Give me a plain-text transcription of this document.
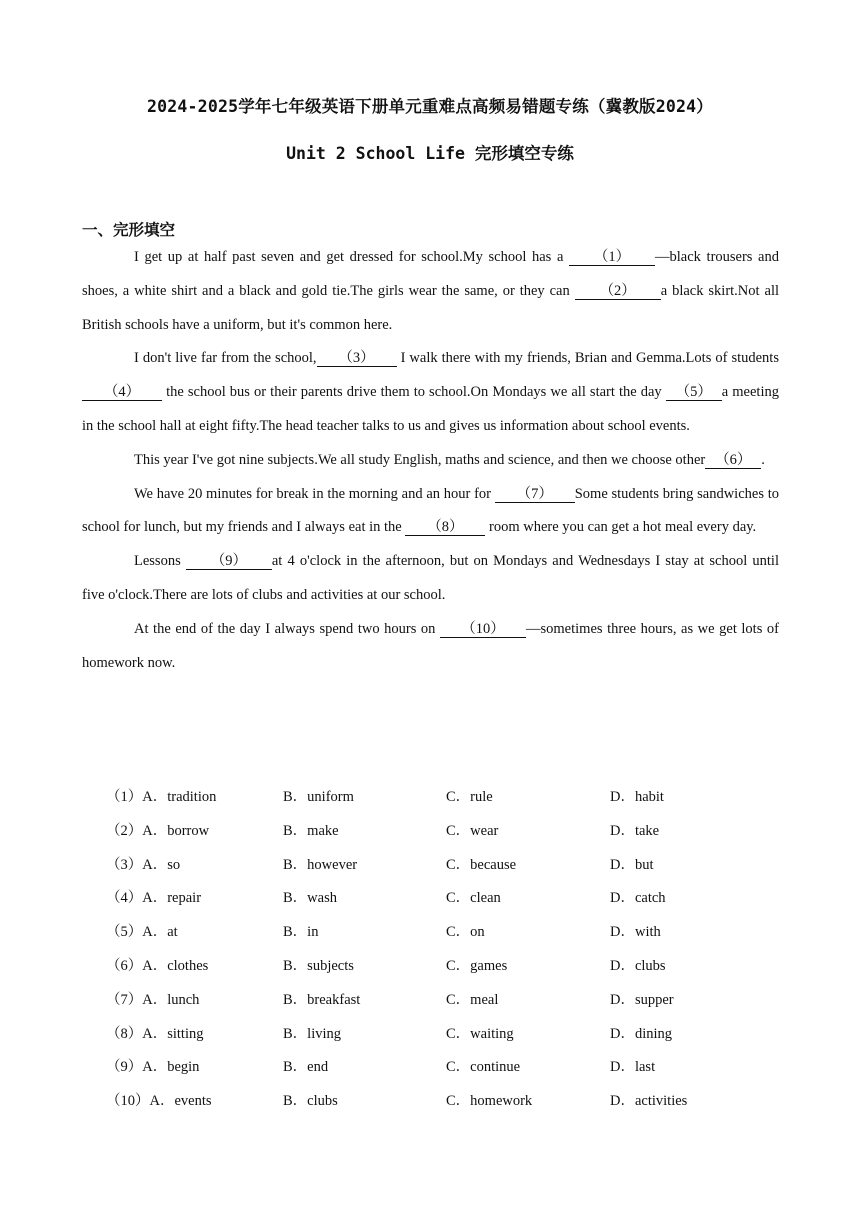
2024-2025学年七年级英语下册单元重难点高频易错题专练（冀教版2024）
Unit 2 School Life 完形填空专练
一、完形填空

I get up at half past seven and get dressed for school.My school has a （1） —black trousers and shoes, a white shirt and a black and gold tie.The girls wear the same, or they can （2） a black skirt.Not all British schools have a uniform, but it's common here.

I don't live far from the school, （3） I walk there with my friends, Brian and Gemma.Lots of students （4） the school bus or their parents drive them to school.On Mondays we all start the day （5） a meeting in the school hall at eight fifty.The head teacher talks to us and gives us information about school events.

This year I've got nine subjects.We all study English, maths and science, and then we choose other （6） .

We have 20 minutes for break in the morning and an hour for （7） Some students bring sandwiches to school for lunch, but my friends and I always eat in the （8） room where you can get a hot meal every day.

Lessons （9） at 4 o'clock in the afternoon, but on Mondays and Wednesdays I stay at school until five o'clock.There are lots of clubs and activities at our school.

At the end of the day I always spend two hours on （10） —sometimes three hours, as we get lots of homework now.

（1）A．tradition	B．uniform	C．rule	D．habit
（2）A．borrow	B．make	C．wear	D．take
（3）A．so	B．however	C．because	D．but
（4）A．repair	B．wash	C．clean	D．catch
（5）A．at	B．in	C．on	D．with
（6）A．clothes	B．subjects	C．games	D．clubs
（7）A．lunch	B．breakfast	C．meal	D．supper
（8）A．sitting	B．living	C．waiting	D．dining
（9）A．begin	B．end	C．continue	D．last
（10）A．events	B．clubs	C．homework	D．activities
